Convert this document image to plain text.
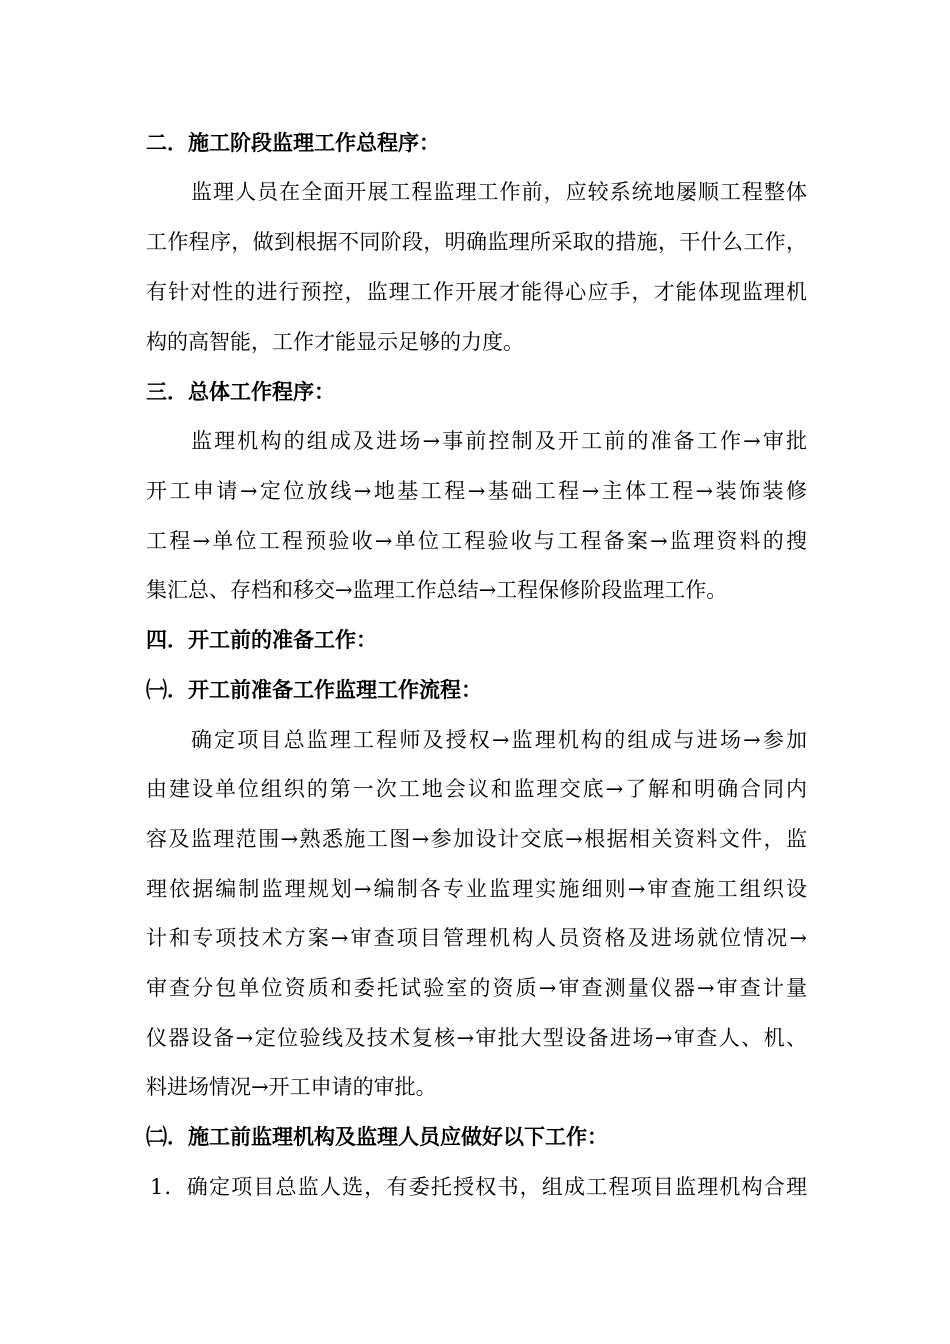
二．施工阶段监理工作总程序：
监理人员在全面开展工程监理工作前，应较系统地屡顺工程整体
工作程序，做到根据不同阶段，明确监理所采取的措施，干什么工作，
有针对性的进行预控，监理工作开展才能得心应手，才能体现监理机
构的高智能，工作才能显示足够的力度。
三．总体工作程序：
监理机构的组成及进场→事前控制及开工前的准备工作→审批
开工申请→定位放线→地基工程→基础工程→主体工程→装饰装修
工程→单位工程预验收→单位工程验收与工程备案→监理资料的搜
集汇总、存档和移交→监理工作总结→工程保修阶段监理工作。
四．开工前的准备工作：
㈠．开工前准备工作监理工作流程：
确定项目总监理工程师及授权→监理机构的组成与进场→参加
由建设单位组织的第一次工地会议和监理交底→了解和明确合同内
容及监理范围→熟悉施工图→参加设计交底→根据相关资料文件，监
理依据编制监理规划→编制各专业监理实施细则→审查施工组织设
计和专项技术方案→审查项目管理机构人员资格及进场就位情况→
审查分包单位资质和委托试验室的资质→审查测量仪器→审查计量
仪器设备→定位验线及技术复核→审批大型设备进场→审查人、机、
料进场情况→开工申请的审批。
㈡．施工前监理机构及监理人员应做好以下工作：
1．确定项目总监人选，有委托授权书，组成工程项目监理机构合理
